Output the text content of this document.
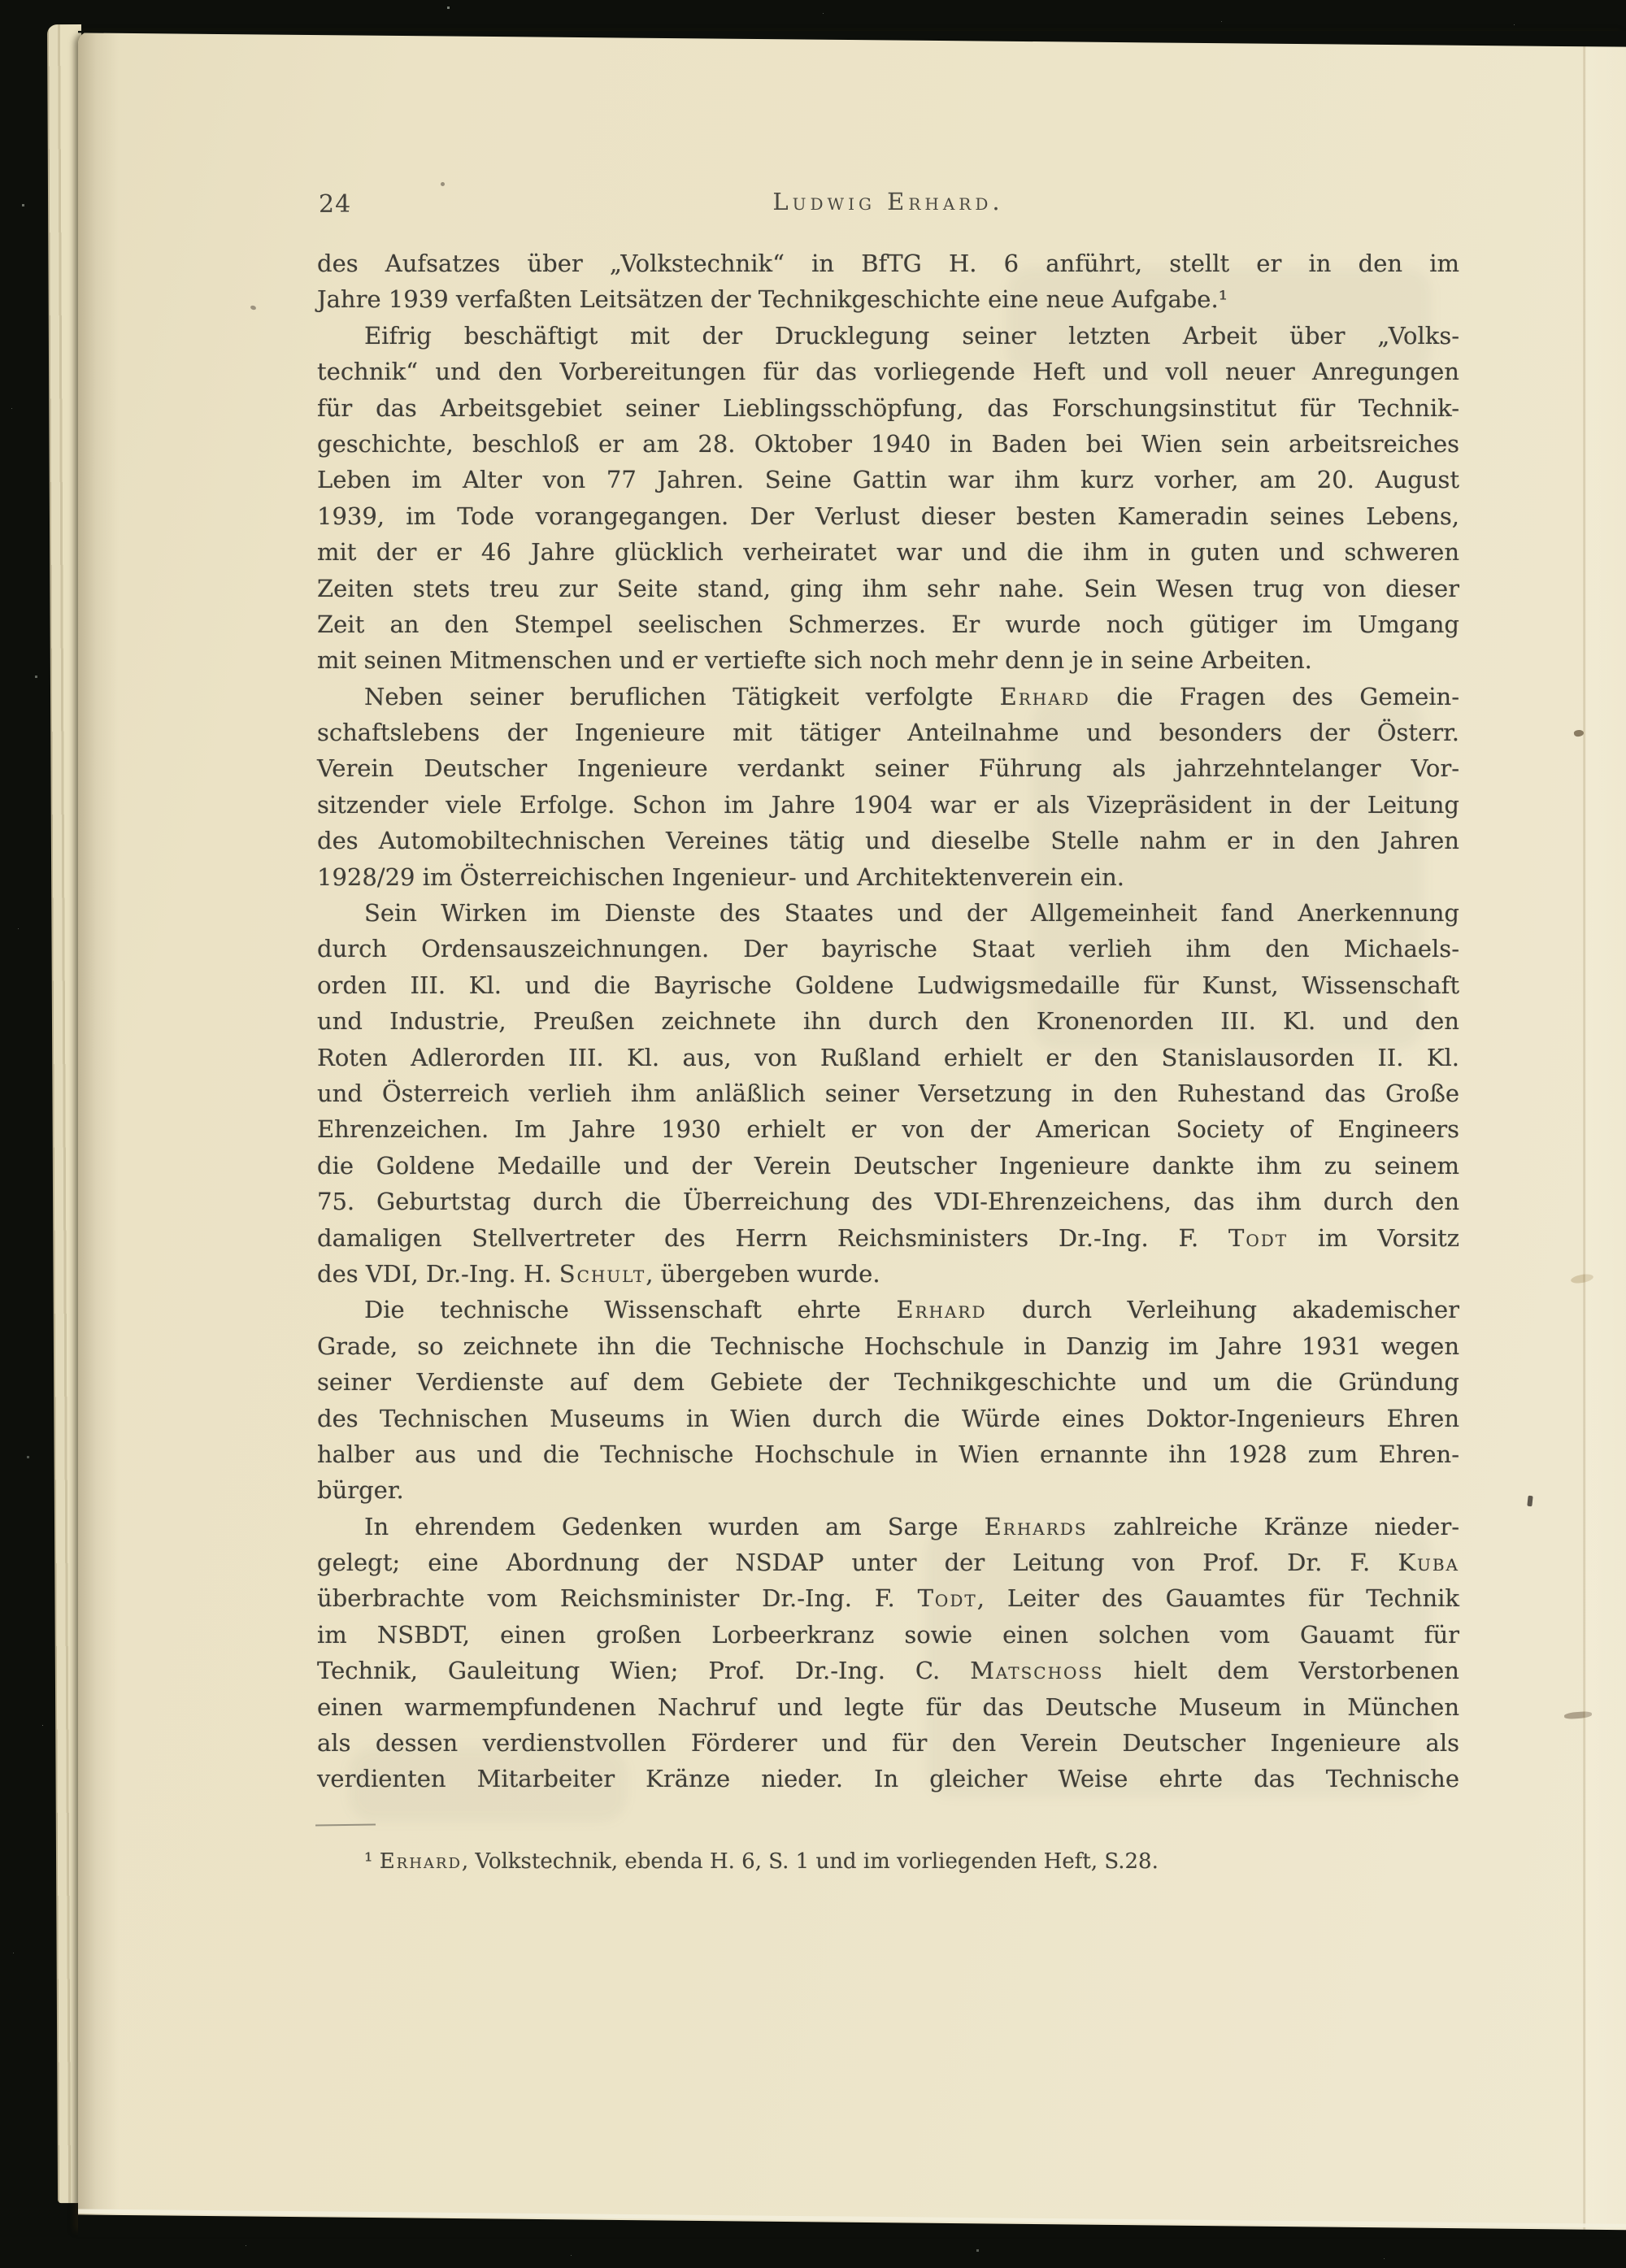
24	Ludwig Erhard.
des Aufsatzes über „Volkstechnik“ in BfTG H. 6 anführt, stellt er in den im
Jahre 1939 verfaßten Leitsätzen der Technikgeschichte eine neue Aufgabe.¹
Eifrig beschäftigt mit der Drucklegung seiner letzten Arbeit über „Volks-
technik“ und den Vorbereitungen für das vorliegende Heft und voll neuer Anregungen
für das Arbeitsgebiet seiner Lieblingsschöpfung, das Forschungsinstitut für Technik-
geschichte, beschloß er am 28. Oktober 1940 in Baden bei Wien sein arbeitsreiches
Leben im Alter von 77 Jahren. Seine Gattin war ihm kurz vorher, am 20. August
1939, im Tode vorangegangen. Der Verlust dieser besten Kameradin seines Lebens,
mit der er 46 Jahre glücklich verheiratet war und die ihm in guten und schweren
Zeiten stets treu zur Seite stand, ging ihm sehr nahe. Sein Wesen trug von dieser
Zeit an den Stempel seelischen Schmerzes. Er wurde noch gütiger im Umgang
mit seinen Mitmenschen und er vertiefte sich noch mehr denn je in seine Arbeiten.
Neben seiner beruflichen Tätigkeit verfolgte Erhard die Fragen des Gemein-
schaftslebens der Ingenieure mit tätiger Anteilnahme und besonders der Österr.
Verein Deutscher Ingenieure verdankt seiner Führung als jahrzehntelanger Vor-
sitzender viele Erfolge. Schon im Jahre 1904 war er als Vizepräsident in der Leitung
des Automobiltechnischen Vereines tätig und dieselbe Stelle nahm er in den Jahren
1928/29 im Österreichischen Ingenieur- und Architektenverein ein.
Sein Wirken im Dienste des Staates und der Allgemeinheit fand Anerkennung
durch Ordensauszeichnungen. Der bayrische Staat verlieh ihm den Michaels-
orden III. Kl. und die Bayrische Goldene Ludwigsmedaille für Kunst, Wissenschaft
und Industrie, Preußen zeichnete ihn durch den Kronenorden III. Kl. und den
Roten Adlerorden III. Kl. aus, von Rußland erhielt er den Stanislausorden II. Kl.
und Österreich verlieh ihm anläßlich seiner Versetzung in den Ruhestand das Große
Ehrenzeichen. Im Jahre 1930 erhielt er von der American Society of Engineers
die Goldene Medaille und der Verein Deutscher Ingenieure dankte ihm zu seinem
75. Geburtstag durch die Überreichung des VDI-Ehrenzeichens, das ihm durch den
damaligen Stellvertreter des Herrn Reichsministers Dr.-Ing. F. Todt im Vorsitz
des VDI, Dr.-Ing. H. Schult, übergeben wurde.
Die technische Wissenschaft ehrte Erhard durch Verleihung akademischer
Grade, so zeichnete ihn die Technische Hochschule in Danzig im Jahre 1931 wegen
seiner Verdienste auf dem Gebiete der Technikgeschichte und um die Gründung
des Technischen Museums in Wien durch die Würde eines Doktor-Ingenieurs Ehren
halber aus und die Technische Hochschule in Wien ernannte ihn 1928 zum Ehren-
bürger.
In ehrendem Gedenken wurden am Sarge Erhards zahlreiche Kränze nieder-
gelegt; eine Abordnung der NSDAP unter der Leitung von Prof. Dr. F. Kuba
überbrachte vom Reichsminister Dr.-Ing. F. Todt, Leiter des Gauamtes für Technik
im NSBDT, einen großen Lorbeerkranz sowie einen solchen vom Gauamt für
Technik, Gauleitung Wien; Prof. Dr.-Ing. C. Matschoss hielt dem Verstorbenen
einen warmempfundenen Nachruf und legte für das Deutsche Museum in München
als dessen verdienstvollen Förderer und für den Verein Deutscher Ingenieure als
verdienten Mitarbeiter Kränze nieder. In gleicher Weise ehrte das Technische
¹ Erhard, Volkstechnik, ebenda H. 6, S. 1 und im vorliegenden Heft, S.28.
